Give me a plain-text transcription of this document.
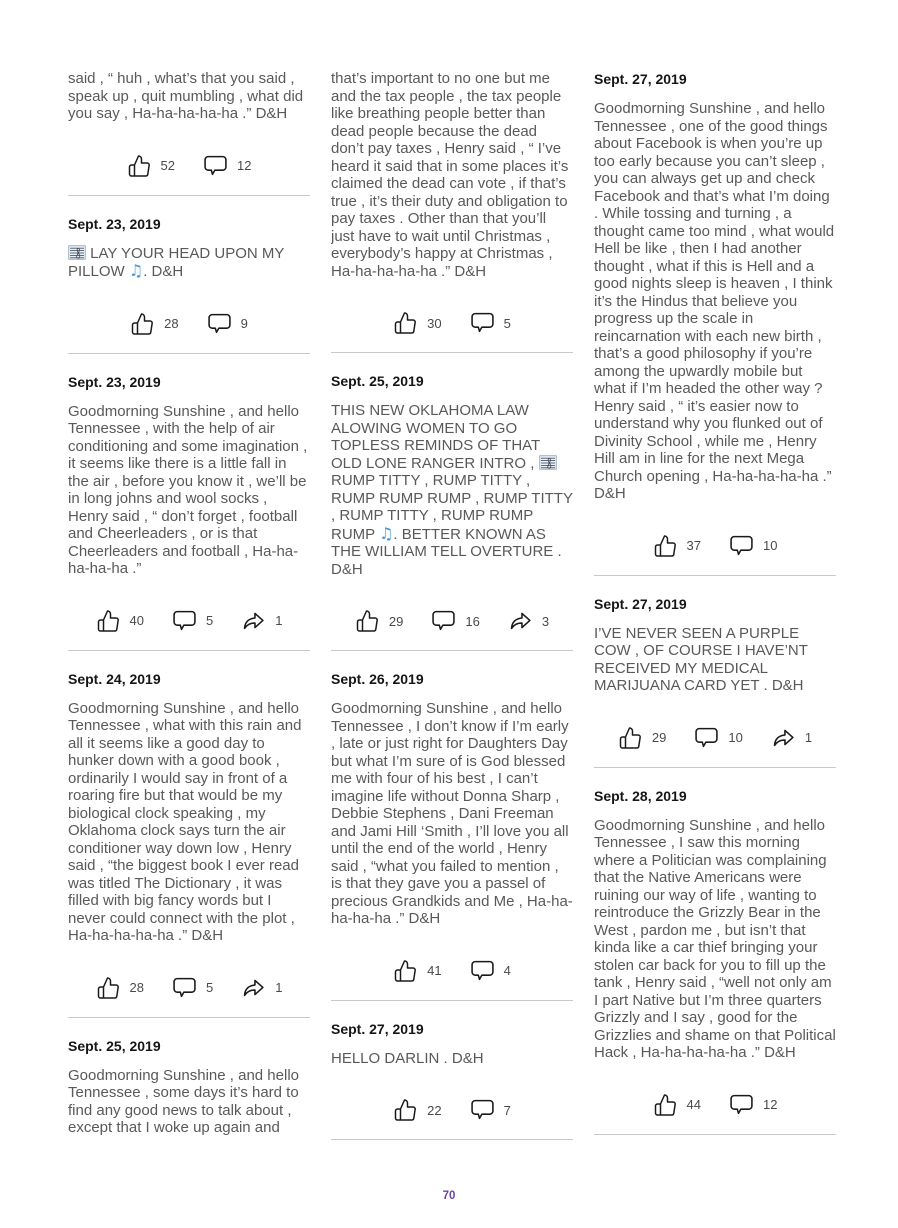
said , “ huh , what’s that you said , speak up , quit mumbling , what did you say , Ha-ha-ha-ha-ha .” D&H

52	12
Sept. 23, 2019

LAY YOUR HEAD UPON MY PILLOW ♫. D&H

28	9
Sept. 23, 2019

Goodmorning Sunshine , and hello Tennessee , with the help of air conditioning and some imagination , it seems like there is a little fall in the air , before you know it , we’ll be in long johns and wool socks , Henry said , “ don’t forget , football and Cheerleaders , or is that Cheerleaders and football , Ha-ha-ha-ha-ha .”

40	5	1
Sept. 24, 2019

Goodmorning Sunshine , and hello Tennessee , what with this rain and all it seems like a good day to hunker down with a good book , ordinarily I would say in front of a roaring fire but that would be my biological clock speaking , my Oklahoma clock says turn the air conditioner way down low , Henry said , “the biggest book I ever read was titled The Dictionary , it was filled with big fancy words but I never could connect with the plot , Ha-ha-ha-ha-ha .” D&H

28	5	1
Sept. 25, 2019

Goodmorning Sunshine , and hello Tennessee , some days it’s hard to find any good news to talk about , except that I woke up again and

that’s important to no one but me and the tax people , the tax people like breathing people better than dead people because the dead don’t pay taxes , Henry said , “ I’ve heard it said that in some places it’s claimed the dead can vote , if that’s true , it’s their duty and obligation to pay taxes . Other than that you’ll just have to wait until Christmas , everybody’s happy at Christmas , Ha-ha-ha-ha-ha .” D&H

30	5
Sept. 25, 2019

THIS NEW OKLAHOMA LAW ALOWING WOMEN TO GO TOPLESS REMINDS OF THAT OLD LONE RANGER INTRO , RUMP TITTY , RUMP TITTY , RUMP RUMP RUMP , RUMP TITTY , RUMP TITTY , RUMP RUMP RUMP ♫. BETTER KNOWN AS THE WILLIAM TELL OVERTURE . D&H

29	16	3
Sept. 26, 2019

Goodmorning Sunshine , and hello Tennessee , I don’t know if I’m early , late or just right for Daughters Day but what I’m sure of is God blessed me with four of his best , I can’t imagine life without Donna Sharp , Debbie Stephens , Dani Freeman and Jami Hill ‘Smith , I’ll love you all until the end of the world , Henry said , “what you failed to mention , is that they gave you a passel of precious Grandkids and Me , Ha-ha-ha-ha-ha .” D&H

41	4
Sept. 27, 2019

HELLO DARLIN . D&H

22	7
Sept. 27, 2019

Goodmorning Sunshine , and hello Tennessee , one of the good things about Facebook is when you’re up too early because you can’t sleep , you can always get up and check Facebook and that’s what I’m doing . While tossing and turning , a thought came too mind , what would Hell be like , then I had another thought , what if this is Hell and a good nights sleep is heaven , I think it’s the Hindus that believe you progress up the scale in reincarnation with each new birth , that’s a good philosophy if you’re among the upwardly mobile but what if I’m headed the other way ? Henry said , “ it’s easier now to understand why you flunked out of Divinity School , while me , Henry Hill am in line for the next Mega Church opening , Ha-ha-ha-ha-ha .” D&H

37	10
Sept. 27, 2019

I’VE NEVER SEEN A PURPLE COW , OF COURSE I HAVE’NT RECEIVED MY MEDICAL MARIJUANA CARD YET . D&H

29	10	1
Sept. 28, 2019

Goodmorning Sunshine , and hello Tennessee , I saw this morning where a Politician was complaining that the Native Americans were ruining our way of life , wanting to reintroduce the Grizzly Bear in the West , pardon me , but isn’t that kinda like a car thief bringing your stolen car back for you to fill up the tank , Henry said , “well not only am I part Native but I’m three quarters Grizzly and I say , good for the Grizzlies and shame on that Political Hack , Ha-ha-ha-ha-ha .” D&H

44	12
70
